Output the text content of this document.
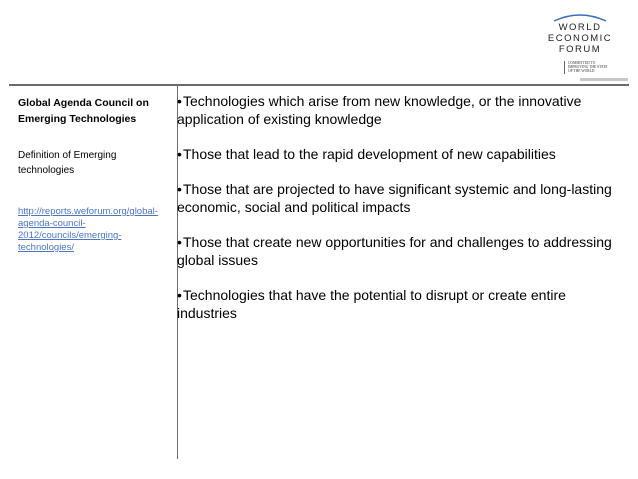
WORLD
ECONOMIC
FORUM
COMMITTED TO
IMPROVING THE STATE
OF THE WORLD

Global Agenda Council on Emerging Technologies

Definition of Emerging technologies

http://reports.weforum.org/global-agenda-council-2012/councils/emerging-technologies/

•Technologies which arise from new knowledge, or the innovative application of existing knowledge

•Those that lead to the rapid development of new capabilities

•Those that are projected to have significant systemic and long-lasting economic, social and political impacts

•Those that create new opportunities for and challenges to addressing global issues

•Technologies that have the potential to disrupt or create entire industries
